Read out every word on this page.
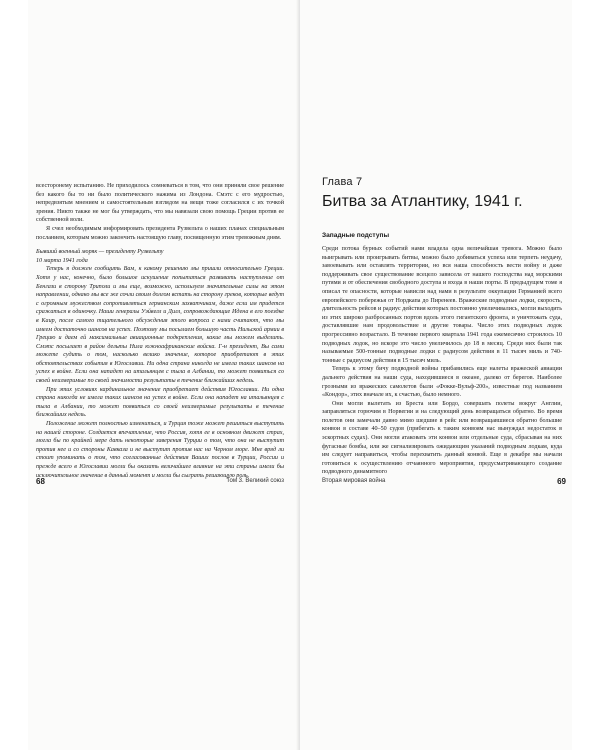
всесторонему испытанию. Не приходилось сомневаться в том, что они приняли свое решение без какого бы то ни было политического нажима из Лондона. Смэтс с его мудростью, непредвзятым мнением и самостоятельным взглядом на вещи тоже согласился с их точкой зрения. Никто также не мог бы утверждать, что мы навязали свою помощь Греции против ее собственной воли.

Я счел необходимым информировать президента Рузвельта о наших планах специальным посланием, которым можно закончить настоящую главу, посвященную этим тревожным дням.

Бывший военный моряк — президенту Рузвельту

10 марта 1941 года

Теперь я должен сообщить Вам, к какому решению мы пришли относительно Греции. Хотя у нас, конечно, было большое искушение попытаться развивать наступление от Бенгази в сторону Триполи и мы еще, возможно, используем значительные силы на этом направлении, однако мы все же сочли своим долгом встать на сторону греков, которые ведут с огромным мужеством сопротивляться германским захватчикам, даже если им придется сражаться в одиночку. Наши генералы Уэйвелл и Дилл, сопровождающие Идена в его поездке в Каир, после самого тщательного обсуждения этого вопроса с нами считают, что мы имеем достаточно шансов на успех. Поэтому мы посылаем большую часть Нильской армии в Грецию и даем ей максимальные авиационные подкрепления, какие мы можем выделить. Смэтс посылает в район дельты Нила южноафриканские войска. Г-н президент, Вы сами можете судить о том, насколько велико значение, которое приобретают в этих обстоятельствах события в Югославии. Ни одна страна никогда не имела таких шансов на успех в войне. Если она нападет на итальянцев с тыла в Албании, то может появиться со своей неизмеримые по своей значимости результаты в течение ближайших недель.

При этих условиях кардинальное значение приобретает действия Югославии. Ни одна страна никогда не имела таких шансов на успех в войне. Если она нападет на итальянцев с тыла в Албании, то может появиться со своей неизмеримые результаты в течение ближайших недель.

Положение может полностью измениться, и Турция тоже может решиться выступить на нашей стороне. Создается впечатление, что Россия, хотя ее в основном движет страх, могла бы по крайней мере дать некоторые заверения Турции о том, что она не выступит против нее и со стороны Кавказа и не выступит против нас на Черном море. Мне вряд ли стоит упоминать о том, что согласованные действия Ваших послов в Турции, России и прежде всего в Югославии могли бы оказать величайшее влияние на эти страны имели бы исключительное значение в данный момент и могли бы сыграть решающую роль.

68	Том 3. Великий союз
Глава 7
Битва за Атлантику, 1941 г.
Западные подступы

Среди потока бурных событий нами владела одна величайшая тревога. Можно было выигрывать или проигрывать битвы, можно было добиваться успеха или терпеть неудачу, завоевывать или оставлять территории, но вся наша способность вести войну и даже поддерживать свое существование всецело зависела от нашего господства над морскими путями и от обеспечения свободного доступа и входа в наши порты. В предыдущем томе я описал те опасности, которые нависли над нами в результате оккупации Германией всего европейского побережья от Нордкапа до Пиренеев. Вражеские подводные лодки, скорость, длительность рейсов и радиус действия которых постоянно увеличивались, могли выходить из этих широко разбросанных портов вдоль этого гигантского фронта, и уничтожать суда, доставлявшие нам продовольствие и другие товары. Число этих подводных лодок прогрессивно возрастало. В течение первого квартала 1941 года ежемесячно строилось 10 подводных лодок, но вскоре это число увеличилось до 18 в месяц. Среди них были так называемые 500-тонные подводные лодки с радиусом действия в 11 тысяч миль и 740-тонные с радиусом действия в 15 тысяч миль.

Теперь к этому бичу подводной войны прибавились еще налеты вражеской авиации дальнего действия на наши суда, находившиеся в океане, далеко от берегов. Наиболее грозными из вражеских самолетов были «Фокке-Вульф-200», известные под названием «Кондор», этих вначале их, к счастью, было немного.

Они могли вылетать из Бреста или Бордо, совершать полеты вокруг Англии, заправляться горючим в Норвегии и на следующий день возвращаться обратно. Во время полетов они замечали давно мимо шедшие в рейс или возвращавшиеся обратно большие конвои в составе 40–50 судов (прибегать к таким конвоям нас вынуждал недостаток в эскортных судах). Они могли атаковать эти конвои или отдельные суда, сбрасывая на них фугасные бомбы, или же сигнализировать ожидающим указаний подводным лодкам, куда им следует направиться, чтобы перехватить данный конвой. Еще в декабре мы начали готовиться к осуществлению отчаянного мероприятия, предусматривающего создание подводного динамитного

Вторая мировая война	69
